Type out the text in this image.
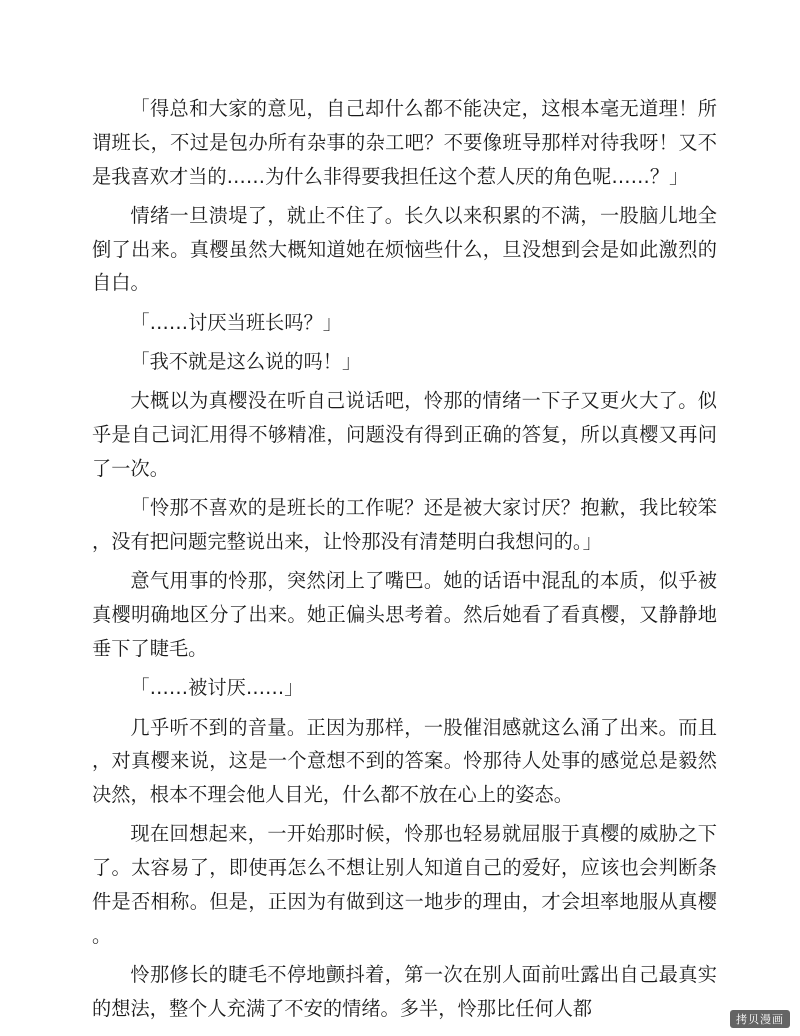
「得总和大家的意见，自己却什么都不能决定，这根本毫无道理！所谓班长，不过是包办所有杂事的杂工吧？不要像班导那样对待我呀！又不是我喜欢才当的……为什么非得要我担任这个惹人厌的角色呢……？」

情绪一旦溃堤了，就止不住了。长久以来积累的不满，一股脑儿地全倒了出来。真樱虽然大概知道她在烦恼些什么，旦没想到会是如此激烈的自白。

「……讨厌当班长吗？」

「我不就是这么说的吗！」

大概以为真樱没在听自己说话吧，怜那的情绪一下子又更火大了。似乎是自己词汇用得不够精准，问题没有得到正确的答复，所以真樱又再问了一次。

「怜那不喜欢的是班长的工作呢？还是被大家讨厌？抱歉，我比较笨，没有把问题完整说出来，让怜那没有清楚明白我想问的。」

意气用事的怜那，突然闭上了嘴巴。她的话语中混乱的本质，似乎被真樱明确地区分了出来。她正偏头思考着。然后她看了看真樱，又静静地垂下了睫毛。

「……被讨厌……」

几乎听不到的音量。正因为那样，一股催泪感就这么涌了出来。而且，对真樱来说，这是一个意想不到的答案。怜那待人处事的感觉总是毅然决然，根本不理会他人目光，什么都不放在心上的姿态。

现在回想起来，一开始那时候，怜那也轻易就屈服于真樱的威胁之下了。太容易了，即使再怎么不想让别人知道自己的爱好，应该也会判断条件是否相称。但是，正因为有做到这一地步的理由，才会坦率地服从真樱。

怜那修长的睫毛不停地颤抖着，第一次在别人面前吐露出自己最真实的想法，整个人充满了不安的情绪。多半，怜那比任何人都	拷贝漫画
